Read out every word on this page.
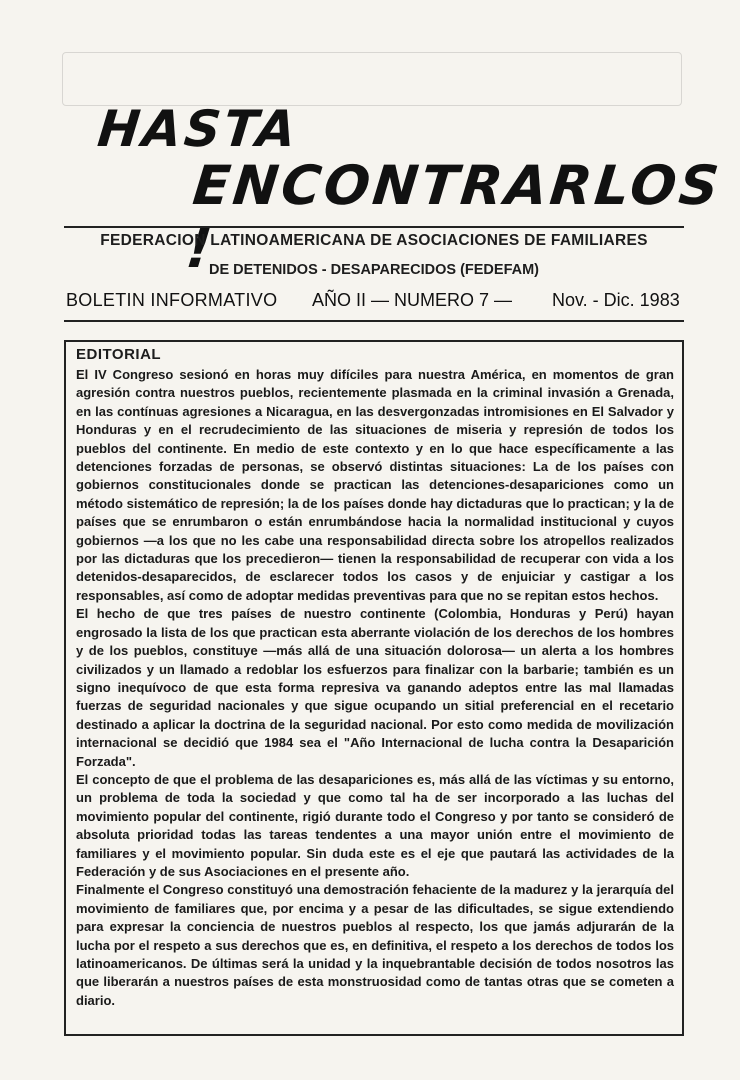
HASTA
ENCONTRARLOS !
FEDERACION LATINOAMERICANA DE ASOCIACIONES DE FAMILIARES
DE DETENIDOS - DESAPARECIDOS (FEDEFAM)
BOLETIN INFORMATIVO AÑO II — NUMERO 7 — Nov. - Dic. 1983
EDITORIAL

El IV Congreso sesionó en horas muy difíciles para nuestra América, en momentos de gran agresión contra nuestros pueblos, recientemente plasmada en la criminal invasión a Grenada, en las contínuas agresiones a Nicaragua, en las desvergonzadas intromisiones en El Salvador y Honduras y en el recrudecimiento de las situaciones de miseria y represión de todos los pueblos del continente. En medio de este contexto y en lo que hace específicamente a las detenciones forzadas de personas, se observó distintas situaciones: La de los países con gobiernos constitucionales donde se practican las detenciones-desapariciones como un método sistemático de represión; la de los países donde hay dictaduras que lo practican; y la de países que se enrumbaron o están enrumbándose hacia la normalidad institucional y cuyos gobiernos —a los que no les cabe una responsabilidad directa sobre los atropellos realizados por las dictaduras que los precedieron— tienen la responsabilidad de recuperar con vida a los detenidos-desaparecidos, de esclarecer todos los casos y de enjuiciar y castigar a los responsables, así como de adoptar medidas preventivas para que no se repitan estos hechos.

El hecho de que tres países de nuestro continente (Colombia, Honduras y Perú) hayan engrosado la lista de los que practican esta aberrante violación de los derechos de los hombres y de los pueblos, constituye —más allá de una situación dolorosa— un alerta a los hombres civilizados y un llamado a redoblar los esfuerzos para finalizar con la barbarie; también es un signo inequívoco de que esta forma represiva va ganando adeptos entre las mal llamadas fuerzas de seguridad nacionales y que sigue ocupando un sitial preferencial en el recetario destinado a aplicar la doctrina de la seguridad nacional. Por esto como medida de movilización internacional se decidió que 1984 sea el "Año Internacional de lucha contra la Desaparición Forzada".

El concepto de que el problema de las desapariciones es, más allá de las víctimas y su entorno, un problema de toda la sociedad y que como tal ha de ser incorporado a las luchas del movimiento popular del continente, rigió durante todo el Congreso y por tanto se consideró de absoluta prioridad todas las tareas tendentes a una mayor unión entre el movimiento de familiares y el movimiento popular. Sin duda este es el eje que pautará las actividades de la Federación y de sus Asociaciones en el presente año.

Finalmente el Congreso constituyó una demostración fehaciente de la madurez y la jerarquía del movimiento de familiares que, por encima y a pesar de las dificultades, se sigue extendiendo para expresar la conciencia de nuestros pueblos al respecto, los que jamás adjurarán de la lucha por el respeto a sus derechos que es, en definitiva, el respeto a los derechos de todos los latinoamericanos. De últimas será la unidad y la inquebrantable decisión de todos nosotros las que liberarán a nuestros países de esta monstruosidad como de tantas otras que se cometen a diario.
